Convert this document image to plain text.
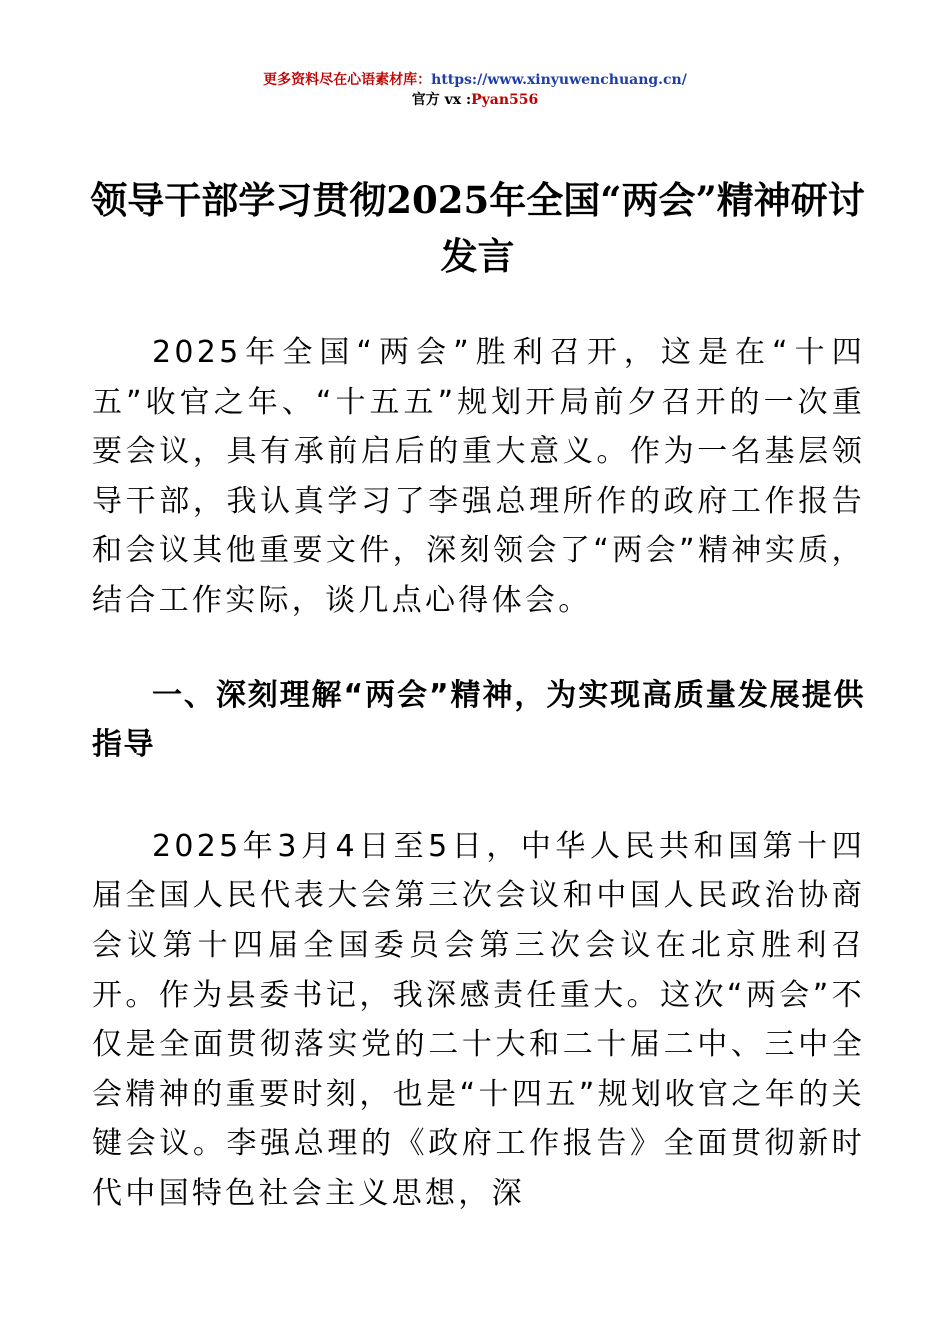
更多资料尽在心语素材库：https://www.xinyuwenchuang.cn/
官方 vx :Pyan556
领导干部学习贯彻2025年全国“两会”精神研讨发言

2025年全国“两会”胜利召开，这是在“十四五”收官之年、“十五五”规划开局前夕召开的一次重要会议，具有承前启后的重大意义。作为一名基层领导干部，我认真学习了李强总理所作的政府工作报告和会议其他重要文件，深刻领会了“两会”精神实质，结合工作实际，谈几点心得体会。

一、深刻理解“两会”精神，为实现高质量发展提供指导

2025年3月4日至5日，中华人民共和国第十四届全国人民代表大会第三次会议和中国人民政治协商会议第十四届全国委员会第三次会议在北京胜利召开。作为县委书记，我深感责任重大。这次“两会”不仅是全面贯彻落实党的二十大和二十届二中、三中全会精神的重要时刻，也是“十四五”规划收官之年的关键会议。李强总理的《政府工作报告》全面贯彻新时代中国特色社会主义思想，深
